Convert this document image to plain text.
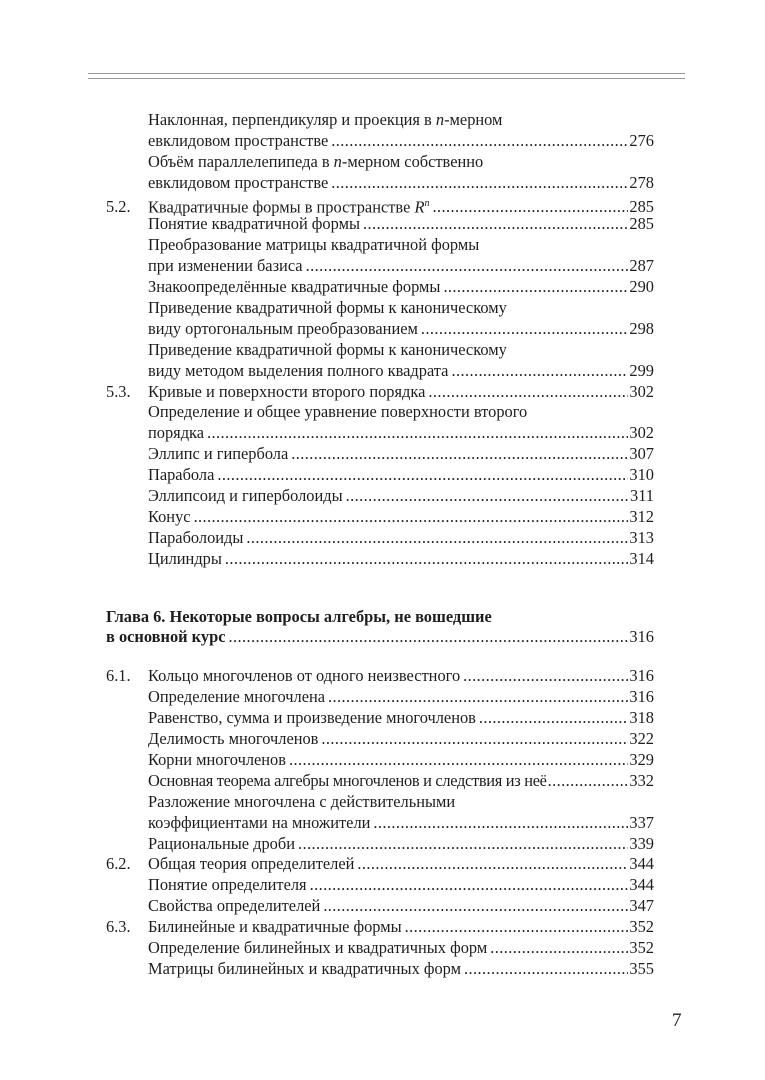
Наклонная, перпендикуляр и проекция в n-мерном
евклидовом пространстве .....	276
Объём параллелепипеда в n-мерном собственно
евклидовом пространстве .....	278
5.2.	Квадратичные формы в пространстве $R^n$ .....	285
Понятие квадратичной формы .....	285
Преобразование матрицы квадратичной формы
при изменении базиса .....	287
Знакоопределённые квадратичные формы .....	290
Приведение квадратичной формы к каноническому
виду ортогональным преобразованием .....	298
Приведение квадратичной формы к каноническому
виду методом выделения полного квадрата .....	299
5.3.	Кривые и поверхности второго порядка .....	302
Определение и общее уравнение поверхности второго
порядка .....	302
Эллипс и гипербола .....	307
Парабола .....	310
Эллипсоид и гиперболоиды .....	311
Конус .....	312
Параболоиды .....	313
Цилиндры .....	314
Глава 6. Некоторые вопросы алгебры, не вошедшие
в основной курс .....	316
6.1.	Кольцо многочленов от одного неизвестного .....	316
Определение многочлена .....	316
Равенство, сумма и произведение многочленов .....	318
Делимость многочленов .....	322
Корни многочленов .....	329
Основная теорема алгебры многочленов и следствия из неё .....	332
Разложение многочлена с действительными
коэффициентами на множители .....	337
Рациональные дроби .....	339
6.2.	Общая теория определителей .....	344
Понятие определителя .....	344
Свойства определителей .....	347
6.3.	Билинейные и квадратичные формы .....	352
Определение билинейных и квадратичных форм .....	352
Матрицы билинейных и квадратичных форм .....	355
7
